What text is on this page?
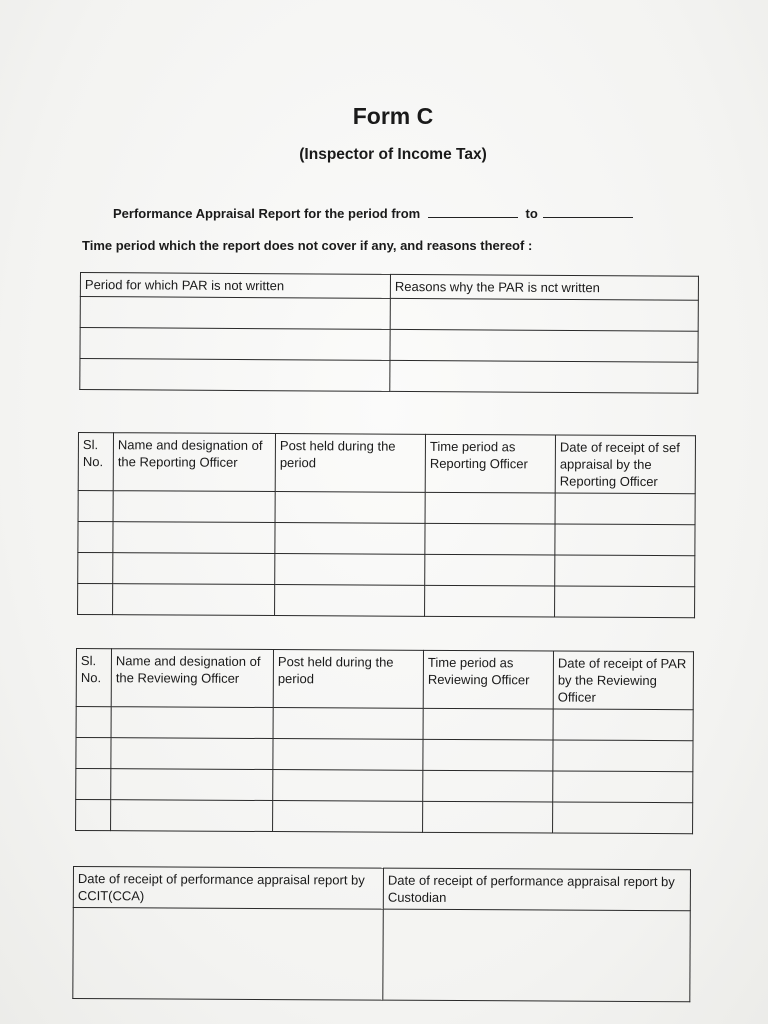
Form C
(Inspector of Income Tax)
Performance Appraisal Report for the period from	to
Time period which the report does not cover if any, and reasons thereof :
Period for which PAR is not written	Reasons why the PAR is nct written

Sl. No.	Name and designation of the Reporting Officer	Post held during the period	Time period as Reporting Officer	Date of receipt of sef appraisal by the Reporting Officer

Sl. No.	Name and designation of the Reviewing Officer	Post held during the period	Time period as Reviewing Officer	Date of receipt of PAR by the Reviewing Officer

Date of receipt of performance appraisal report by CCIT(CCA)	Date of receipt of performance appraisal report by Custodian
